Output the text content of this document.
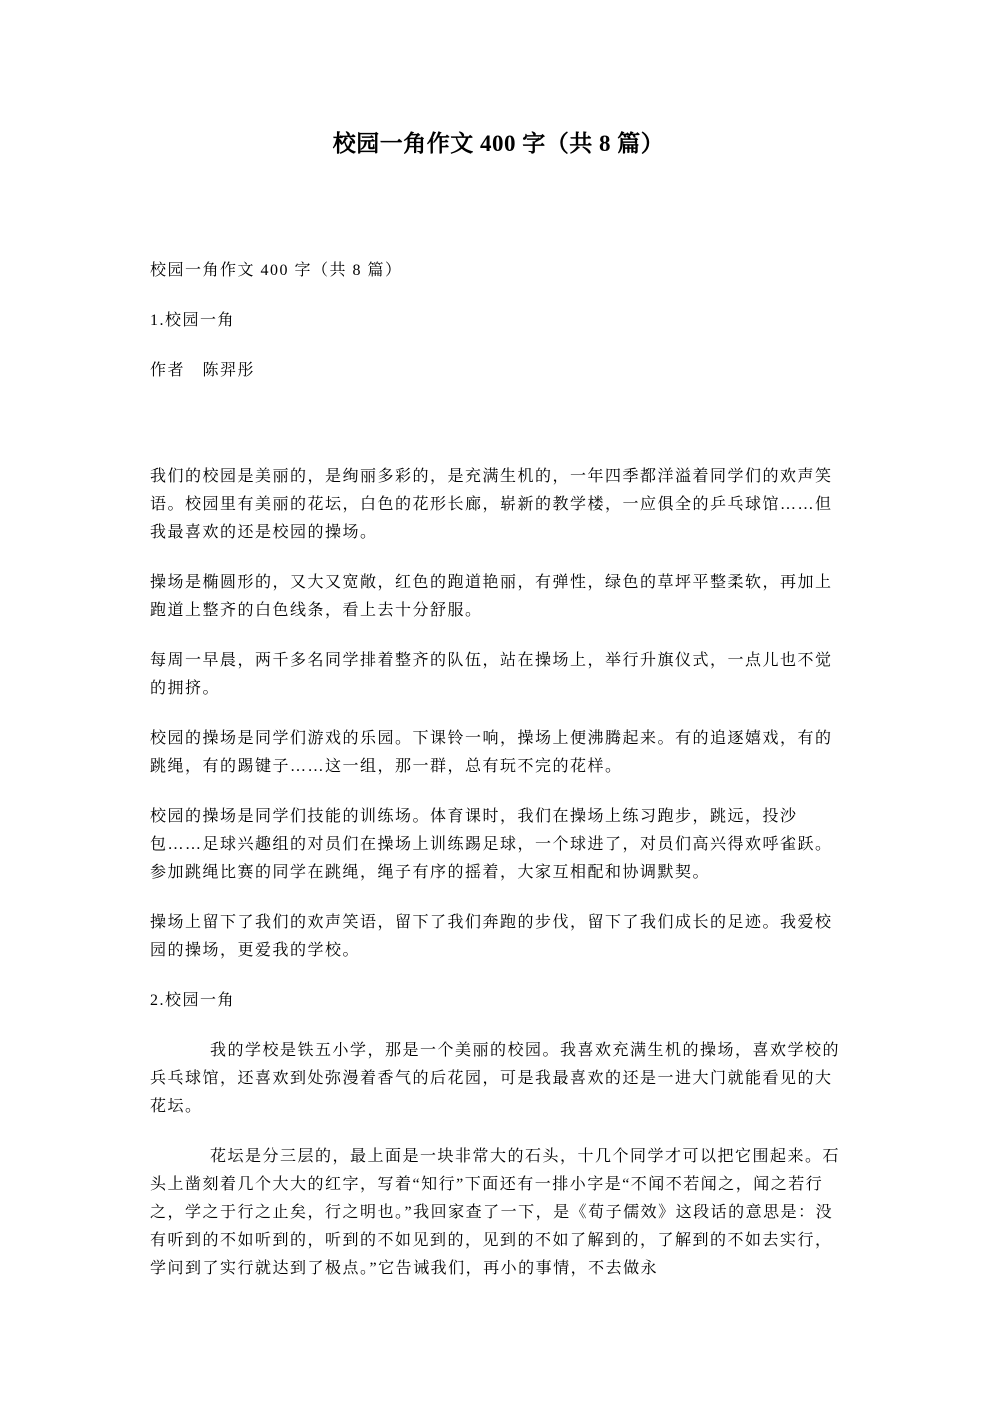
校园一角作文 400 字（共 8 篇）

校园一角作文 400 字（共 8 篇）

1.校园一角

作者　陈羿彤

我们的校园是美丽的，是绚丽多彩的，是充满生机的，一年四季都洋溢着同学们的欢声笑语。校园里有美丽的花坛，白色的花形长廊，崭新的教学楼，一应俱全的乒乓球馆……但我最喜欢的还是校园的操场。

操场是椭圆形的，又大又宽敞，红色的跑道艳丽，有弹性，绿色的草坪平整柔软，再加上跑道上整齐的白色线条，看上去十分舒服。

每周一早晨，两千多名同学排着整齐的队伍，站在操场上，举行升旗仪式，一点儿也不觉的拥挤。

校园的操场是同学们游戏的乐园。下课铃一响，操场上便沸腾起来。有的追逐嬉戏，有的跳绳，有的踢键子……这一组，那一群，总有玩不完的花样。

校园的操场是同学们技能的训练场。体育课时，我们在操场上练习跑步，跳远，投沙包……足球兴趣组的对员们在操场上训练踢足球，一个球进了，对员们高兴得欢呼雀跃。参加跳绳比赛的同学在跳绳，绳子有序的摇着，大家互相配和协调默契。

操场上留下了我们的欢声笑语，留下了我们奔跑的步伐，留下了我们成长的足迹。我爱校园的操场，更爱我的学校。

2.校园一角

我的学校是铁五小学，那是一个美丽的校园。我喜欢充满生机的操场，喜欢学校的兵乓球馆，还喜欢到处弥漫着香气的后花园，可是我最喜欢的还是一进大门就能看见的大花坛。

花坛是分三层的，最上面是一块非常大的石头，十几个同学才可以把它围起来。石头上凿刻着几个大大的红字，写着“知行”下面还有一排小字是“不闻不若闻之，闻之若行之，学之于行之止矣，行之明也。”我回家查了一下，是《荀子儒效》这段话的意思是：没有听到的不如听到的，听到的不如见到的，见到的不如了解到的，了解到的不如去实行，学问到了实行就达到了极点。”它告诫我们，再小的事情，不去做永
